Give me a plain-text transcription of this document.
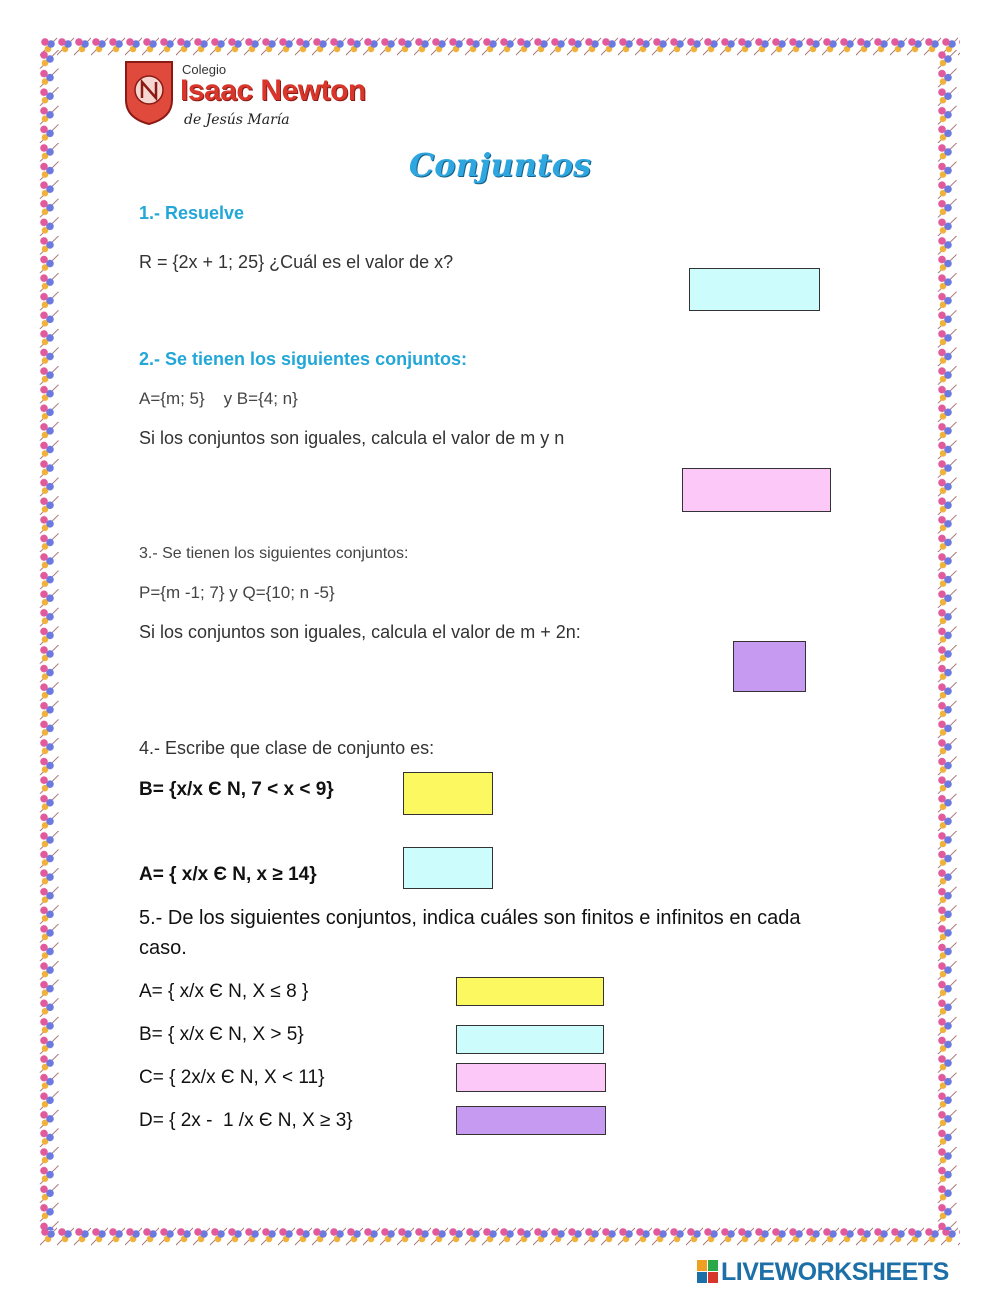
Colegio
Isaac Newton
de Jesús María
Conjuntos
1.- Resuelve
R = {2x + 1; 25} ¿Cuál es el valor de x?
2.- Se tienen los siguientes conjuntos:
A={m; 5}    y B={4; n}
Si los conjuntos son iguales, calcula el valor de m y n
3.- Se tienen los siguientes conjuntos:
P={m -1; 7} y Q={10; n -5}
Si los conjuntos son iguales, calcula el valor de m + 2n:
4.- Escribe que clase de conjunto es:
B= {x/x Є N, 7 < x < 9}
A= { x/x Є N, x ≥ 14}
5.- De los siguientes conjuntos, indica cuáles son finitos e infinitos en cada
caso.
A= { x/x Є N, X ≤ 8 }
B= { x/x Є N, X > 5}
C= { 2x/x Є N, X < 11}
D= { 2x -  1 /x Є N, X ≥ 3}
LIVEWORKSHEETS
